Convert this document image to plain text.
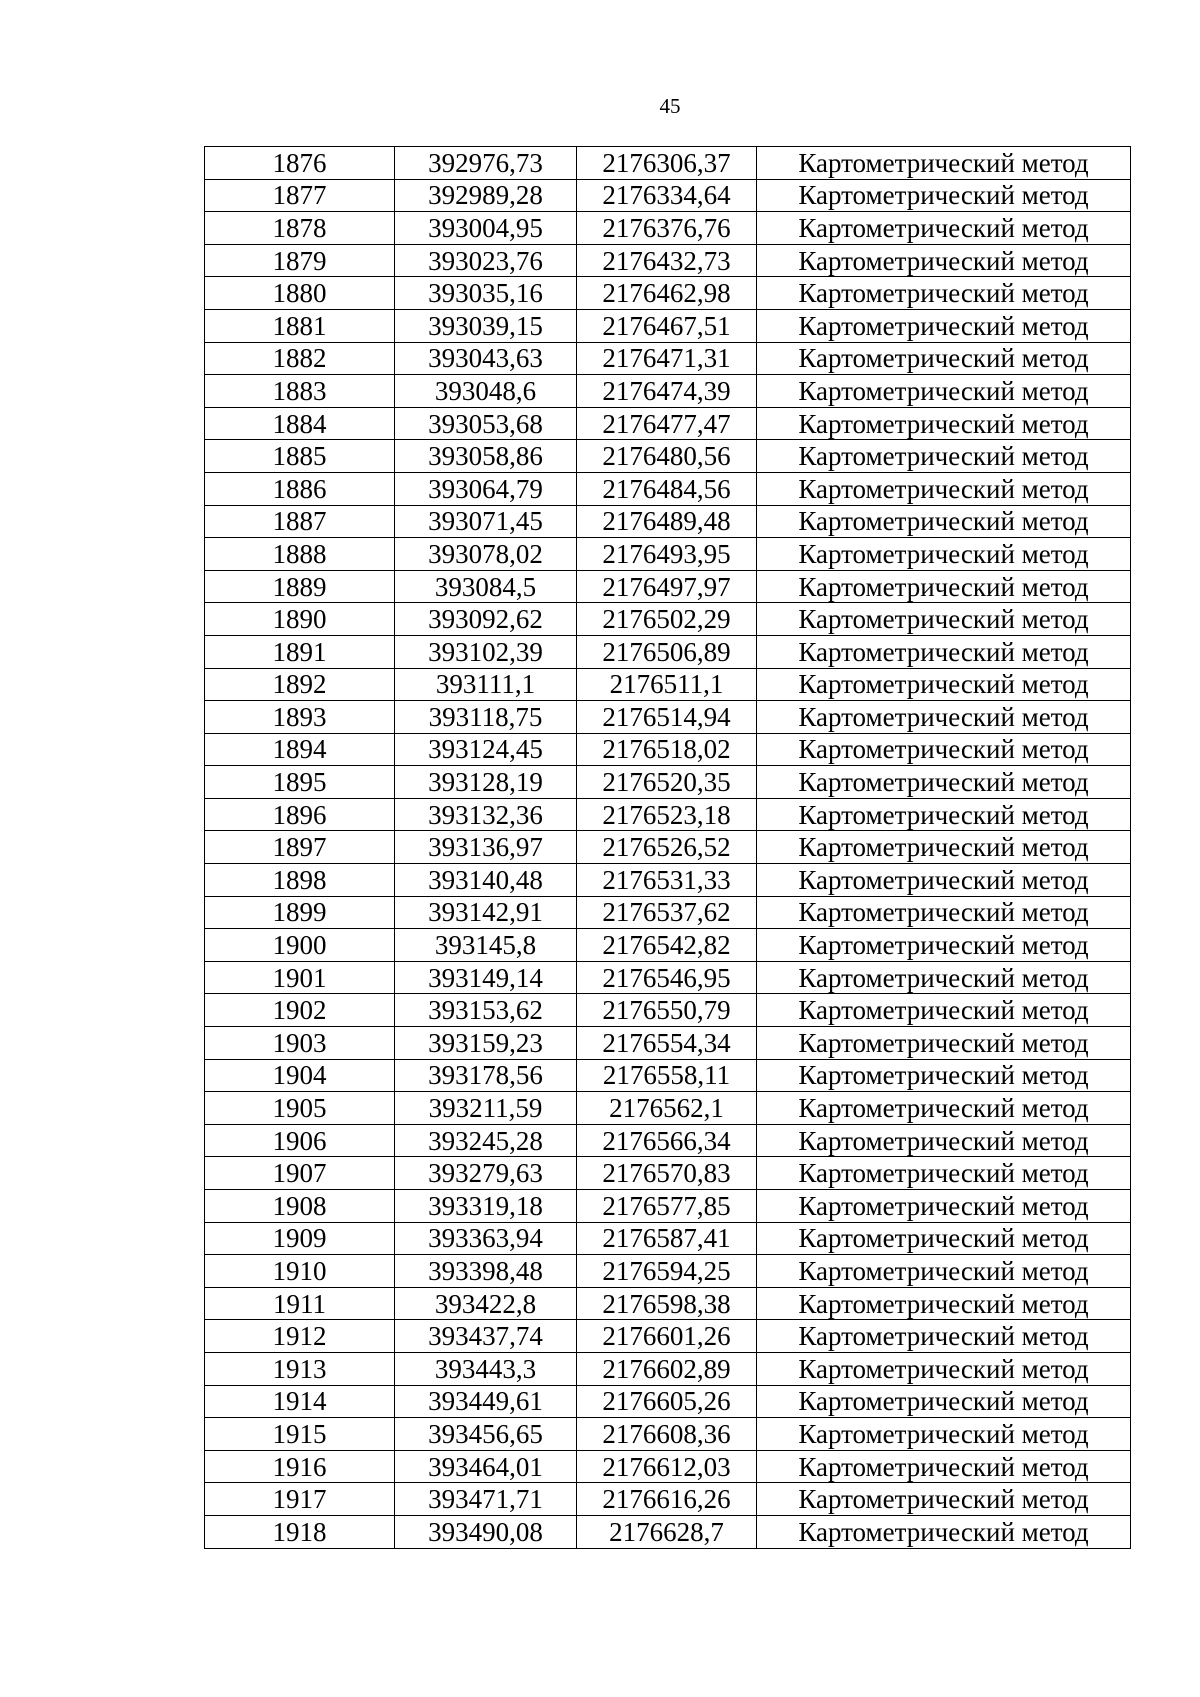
45
1876	392976,73	2176306,37	Картометрический метод
1877	392989,28	2176334,64	Картометрический метод
1878	393004,95	2176376,76	Картометрический метод
1879	393023,76	2176432,73	Картометрический метод
1880	393035,16	2176462,98	Картометрический метод
1881	393039,15	2176467,51	Картометрический метод
1882	393043,63	2176471,31	Картометрический метод
1883	393048,6	2176474,39	Картометрический метод
1884	393053,68	2176477,47	Картометрический метод
1885	393058,86	2176480,56	Картометрический метод
1886	393064,79	2176484,56	Картометрический метод
1887	393071,45	2176489,48	Картометрический метод
1888	393078,02	2176493,95	Картометрический метод
1889	393084,5	2176497,97	Картометрический метод
1890	393092,62	2176502,29	Картометрический метод
1891	393102,39	2176506,89	Картометрический метод
1892	393111,1	2176511,1	Картометрический метод
1893	393118,75	2176514,94	Картометрический метод
1894	393124,45	2176518,02	Картометрический метод
1895	393128,19	2176520,35	Картометрический метод
1896	393132,36	2176523,18	Картометрический метод
1897	393136,97	2176526,52	Картометрический метод
1898	393140,48	2176531,33	Картометрический метод
1899	393142,91	2176537,62	Картометрический метод
1900	393145,8	2176542,82	Картометрический метод
1901	393149,14	2176546,95	Картометрический метод
1902	393153,62	2176550,79	Картометрический метод
1903	393159,23	2176554,34	Картометрический метод
1904	393178,56	2176558,11	Картометрический метод
1905	393211,59	2176562,1	Картометрический метод
1906	393245,28	2176566,34	Картометрический метод
1907	393279,63	2176570,83	Картометрический метод
1908	393319,18	2176577,85	Картометрический метод
1909	393363,94	2176587,41	Картометрический метод
1910	393398,48	2176594,25	Картометрический метод
1911	393422,8	2176598,38	Картометрический метод
1912	393437,74	2176601,26	Картометрический метод
1913	393443,3	2176602,89	Картометрический метод
1914	393449,61	2176605,26	Картометрический метод
1915	393456,65	2176608,36	Картометрический метод
1916	393464,01	2176612,03	Картометрический метод
1917	393471,71	2176616,26	Картометрический метод
1918	393490,08	2176628,7	Картометрический метод
